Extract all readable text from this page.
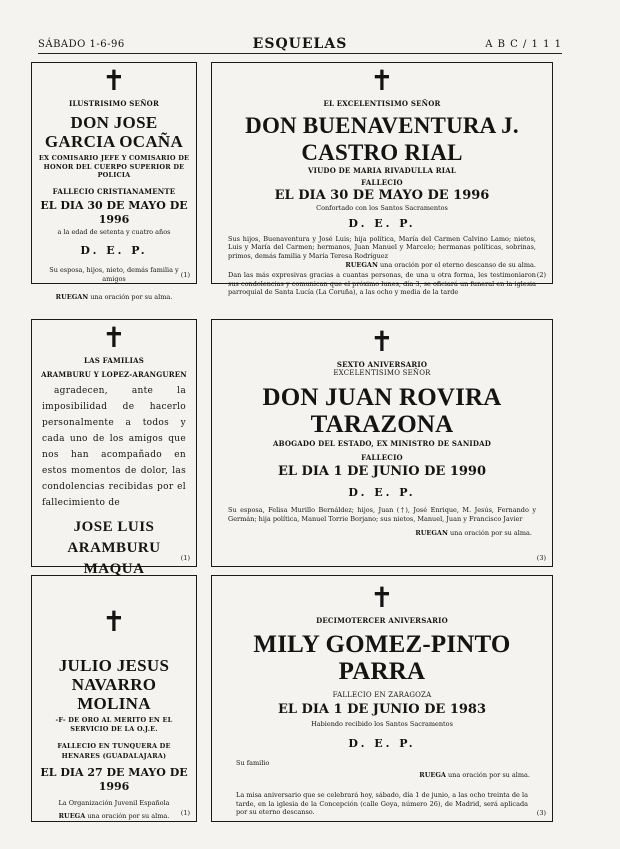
SÁBADO 1-6-96	ESQUELAS	A B C / 1 1 1
✝
ILUSTRISIMO SEÑOR
DON JOSE GARCIA OCAÑA
EX COMISARIO JEFE Y COMISARIO DE HONOR DEL CUERPO SUPERIOR DE POLICIA
FALLECIO CRISTIANAMENTE
EL DIA 30 DE MAYO DE 1996
a la edad de setenta y cuatro años
D. E. P.
Su esposa, hijos, nieto, demás familia y amigos
RUEGAN una oración por su alma.
(1)
✝
EL EXCELENTISIMO SEÑOR
DON BUENAVENTURA J. CASTRO RIAL
VIUDO DE MARIA RIVADULLA RIAL
FALLECIO
EL DIA 30 DE MAYO DE 1996
Confortado con los Santos Sacramentos
D. E. P.
Sus hijos, Buenaventura y José Luis; hija política, María del Carmen Calvino Lamo; nietos, Luis y María del Carmen; hermanos, Juan Manuel y Marcelo; hermanas políticas, sobrinas, primos, demás familia y María Teresa Rodríguez
RUEGAN una oración por el eterno descanso de su alma.
Dan las más expresivas gracias a cuantas personas, de una u otra forma, les testimoniaron sus condolencias y comunican que el próximo lunes, día 3, se oficiará un funeral en la iglesia parroquial de Santa Lucía (La Coruña), a las ocho y media de la tarde
(2)
✝
LAS FAMILIAS
ARAMBURU Y LOPEZ-ARANGUREN
agradecen, ante la imposibilidad de hacerlo personalmente a todos y cada uno de los amigos que nos han acompañado en estos momentos de dolor, las condolencias recibidas por el fallecimiento de
JOSE LUIS ARAMBURU MAQUA
(1)
✝
SEXTO ANIVERSARIO
EXCELENTISIMO SEÑOR
DON JUAN ROVIRA TARAZONA
ABOGADO DEL ESTADO, EX MINISTRO DE SANIDAD
FALLECIO
EL DIA 1 DE JUNIO DE 1990
D. E. P.
Su esposa, Felisa Murillo Bernáldez; hijos, Juan (†), José Enrique, M. Jesús, Fernando y Germán; hija política, Manuel Torrie Borjano; sus nietos, Manuel, Juan y Francisco Javier
RUEGAN una oración por su alma.
(3)
✝
JULIO JESUS NAVARRO MOLINA
-F- DE ORO AL MERITO EN EL SERVICIO DE LA O.J.E.
FALLECIO EN TUNQUERA DE HENARES (GUADALAJARA)
EL DIA 27 DE MAYO DE 1996
La Organización Juvenil Española
RUEGA una oración por su alma.	(1)
✝
DECIMOTERCER ANIVERSARIO
MILY GOMEZ-PINTO PARRA
FALLECIO EN ZARAGOZA
EL DIA 1 DE JUNIO DE 1983
Habiendo recibido los Santos Sacramentos
D. E. P.
Su familio
RUEGA una oración por su alma.
La misa aniversario que se celebrará hoy, sábado, día 1 de junio, a las ocho treinta de la tarde, en la iglesia de la Concepción (calle Goya, número 26), de Madrid, será aplicada por su eterno descanso.	(3)
